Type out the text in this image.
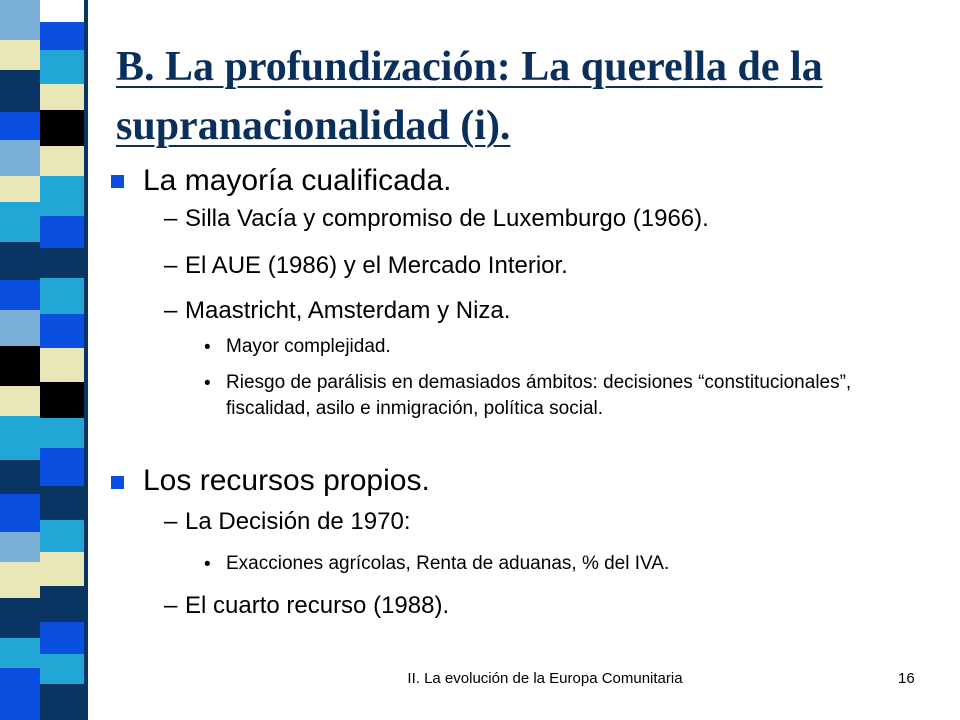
B. La profundización: La querella de la supranacionalidad (i).
La mayoría cualificada.
– Silla Vacía y compromiso de Luxemburgo (1966).
– El AUE (1986) y el Mercado Interior.
– Maastricht, Amsterdam y Niza.
• Mayor complejidad.
• Riesgo de parálisis en demasiados ámbitos: decisiones “constitucionales”, fiscalidad, asilo e inmigración, política social.
Los recursos propios.
– La Decisión de 1970:
• Exacciones agrícolas, Renta de aduanas, % del IVA.
– El cuarto recurso (1988).
II. La evolución de la Europa Comunitaria	16
